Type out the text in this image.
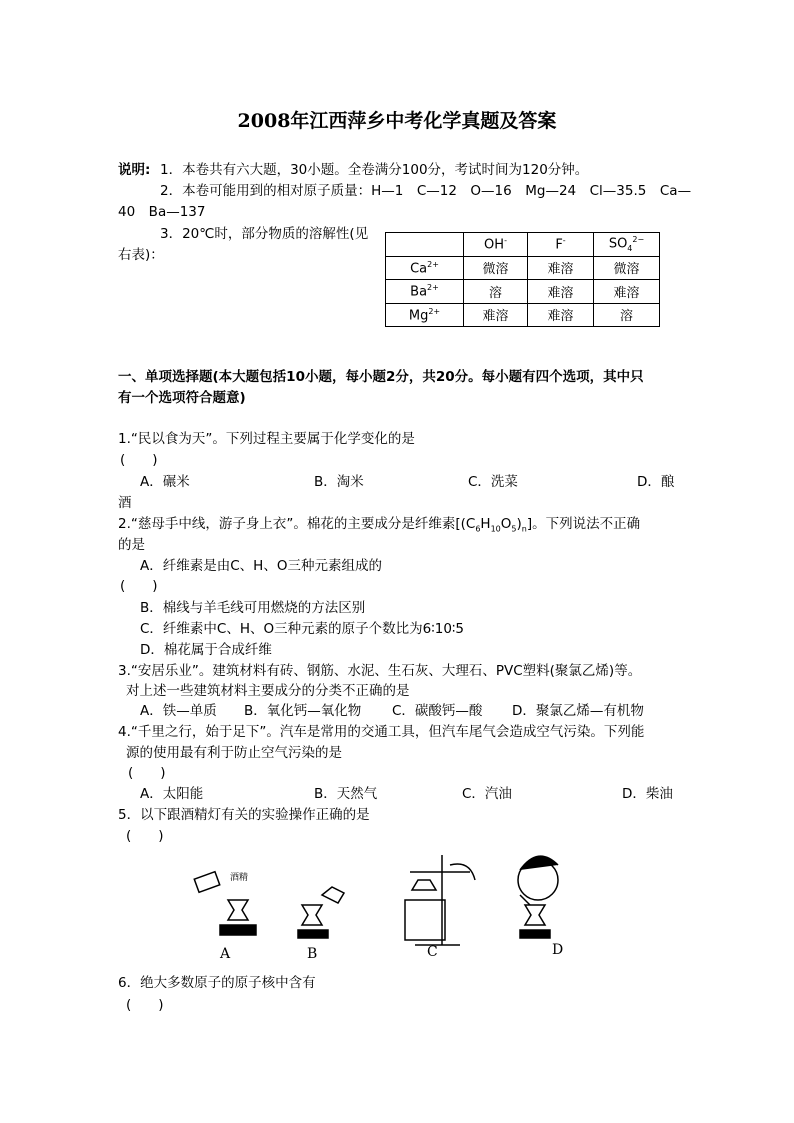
2008年江西萍乡中考化学真题及答案
说明: 1．本卷共有六大题，30小题。全卷满分100分，考试时间为120分钟。
2．本卷可能用到的相对原子质量：H—1　C—12　O—16　Mg—24　Cl—35.5　Ca—
40　Ba—137
3．20℃时，部分物质的溶解性(见
右表)：
	OH-	F-	$SO_4^{2-}$
$Ca^{2+}$	微溶	难溶	微溶
$Ba^{2+}$	溶	难溶	难溶
$Mg^{2+}$	难溶	难溶	溶
一、单项选择题(本大题包括10小题，每小题2分，共20分。每小题有四个选项，其中只
有一个选项符合题意)
1.“民以食为天”。下列过程主要属于化学变化的是
(　　)
A．碾米	B．淘米	C．洗菜	D．酿
酒
2.“慈母手中线，游子身上衣”。棉花的主要成分是纤维素$[(C_6H_{10}O_5)_n]$。下列说法不正确
的是
A．纤维素是由C、H、O三种元素组成的
(　　)
B．棉线与羊毛线可用燃烧的方法区别
C．纤维素中C、H、O三种元素的原子个数比为6∶10∶5
D．棉花属于合成纤维
3.“安居乐业”。建筑材料有砖、钢筋、水泥、生石灰、大理石、PVC塑料(聚氯乙烯)等。
对上述一些建筑材料主要成分的分类不正确的是
A．铁—单质 B．氧化钙—氧化物 C．碳酸钙—酸 D．聚氯乙烯—有机物
4.“千里之行，始于足下”。汽车是常用的交通工具，但汽车尾气会造成空气污染。下列能
源的使用最有利于防止空气污染的是
(　　)
A．太阳能	B．天然气	C．汽油	D．柴油
5．以下跟酒精灯有关的实验操作正确的是
(　　)
酒精
A	B	C	D
6．绝大多数原子的原子核中含有
(　　)
